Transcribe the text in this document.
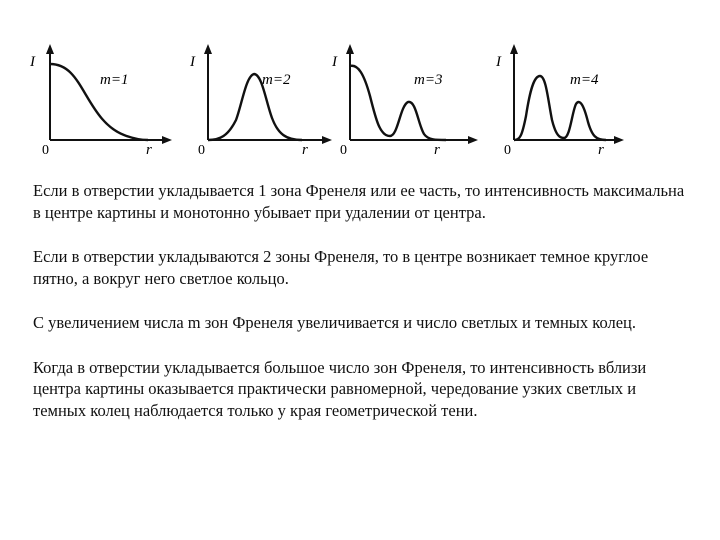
I
m=1
0	r
I
m=2
0	r
I
m=3
0	r
I
m=4
0	r

Если в отверстии укладывается 1 зона Френеля или ее часть, то интенсивность максимальна в центре картины и монотонно убывает при удалении от центра.

Если в отверстии укладываются 2 зоны Френеля, то в центре возникает темное круглое пятно, а вокруг него светлое кольцо.

С увеличением числа m зон Френеля увеличивается и число светлых и темных колец.

Когда в отверстии укладывается большое число зон Френеля, то интенсивность вблизи центра картины оказывается практически равномерной, чередование узких светлых и темных колец наблюдается только у края геометрической тени.
